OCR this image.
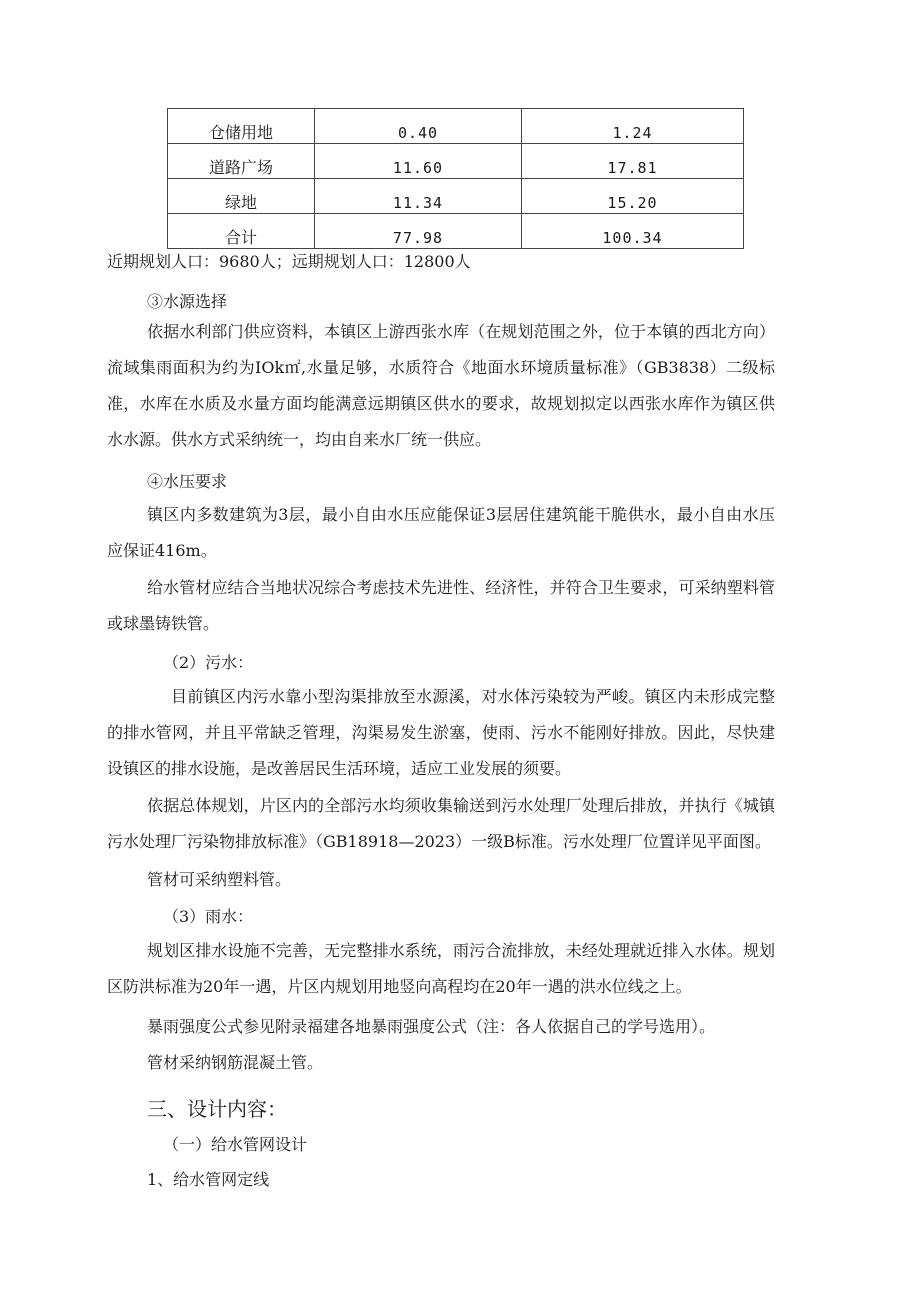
仓储用地	0.40	1.24
道路广场	11.60	17.81
绿地	11.34	15.20
合计	77.98	100.34
近期规划人口：9680人；远期规划人口：12800人
③水源选择
依据水利部门供应资料，本镇区上游西张水库（在规划范围之外，位于本镇的西北方向）流域集雨面积为约为IOk㎡,水量足够，水质符合《地面水环境质量标准》（GB3838）二级标准，水库在水质及水量方面均能满意远期镇区供水的要求，故规划拟定以西张水库作为镇区供水水源。供水方式采纳统一，均由自来水厂统一供应。
④水压要求
镇区内多数建筑为3层，最小自由水压应能保证3层居住建筑能干脆供水，最小自由水压应保证416m。
给水管材应结合当地状况综合考虑技术先进性、经济性，并符合卫生要求，可采纳塑料管或球墨铸铁管。
（2）污水：
目前镇区内污水靠小型沟渠排放至水源溪，对水体污染较为严峻。镇区内未形成完整的排水管网，并且平常缺乏管理，沟渠易发生淤塞，使雨、污水不能刚好排放。因此，尽快建设镇区的排水设施，是改善居民生活环境，适应工业发展的须要。
依据总体规划，片区内的全部污水均须收集输送到污水处理厂处理后排放，并执行《城镇污水处理厂污染物排放标准》（GB18918—2023）一级B标准。污水处理厂位置详见平面图。
管材可采纳塑料管。
（3）雨水：
规划区排水设施不完善，无完整排水系统，雨污合流排放，未经处理就近排入水体。规划区防洪标准为20年一遇，片区内规划用地竖向高程均在20年一遇的洪水位线之上。
暴雨强度公式参见附录福建各地暴雨强度公式（注：各人依据自己的学号选用）。
管材采纳钢筋混凝土管。
三、设计内容：
（一）给水管网设计
1、给水管网定线
